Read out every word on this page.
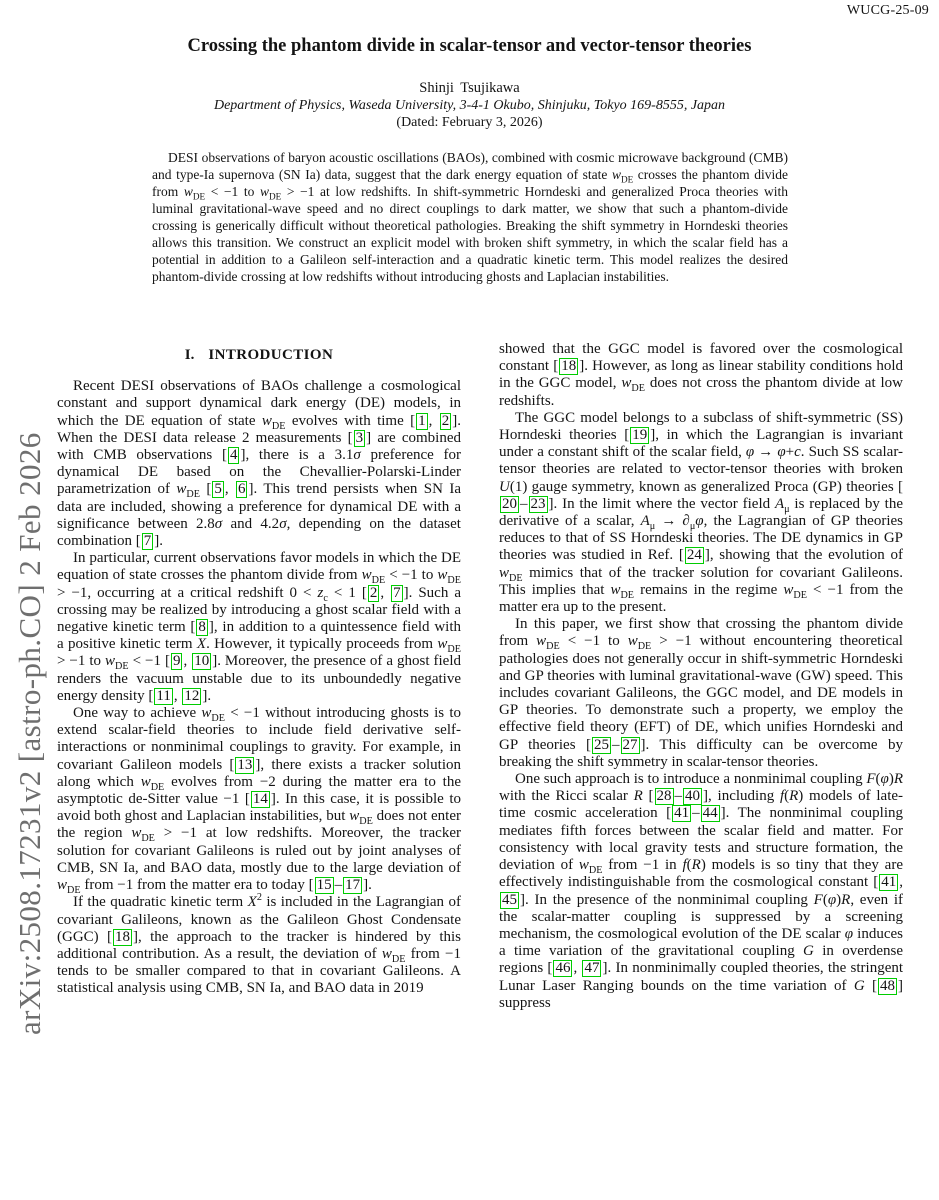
WUCG-25-09
arXiv:2508.17231v2 [astro-ph.CO] 2 Feb 2026
Crossing the phantom divide in scalar-tensor and vector-tensor theories
Shinji Tsujikawa
Department of Physics, Waseda University, 3-4-1 Okubo, Shinjuku, Tokyo 169-8555, Japan
(Dated: February 3, 2026)
DESI observations of baryon acoustic oscillations (BAOs), combined with cosmic microwave background (CMB) and type-Ia supernova (SN Ia) data, suggest that the dark energy equation of state $w_{DE}$ crosses the phantom divide from $w_{DE} < -1$ to $w_{DE} > -1$ at low redshifts. In shift-symmetric Horndeski and generalized Proca theories with luminal gravitational-wave speed and no direct couplings to dark matter, we show that such a phantom-divide crossing is generically difficult without theoretical pathologies. Breaking the shift symmetry in Horndeski theories allows this transition. We construct an explicit model with broken shift symmetry, in which the scalar field has a potential in addition to a Galileon self-interaction and a quadratic kinetic term. This model realizes the desired phantom-divide crossing at low redshifts without introducing ghosts and Laplacian instabilities.
I. INTRODUCTION

Recent DESI observations of BAOs challenge a cosmological constant and support dynamical dark energy (DE) models, in which the DE equation of state $w_{DE}$ evolves with time [ 1 , 2 ]. When the DESI data release 2 measurements [ 3 ] are combined with CMB observations [ 4 ], there is a 3.1σ preference for dynamical DE based on the Chevallier-Polarski-Linder parametrization of $w_{DE}$ [ 5 , 6 ]. This trend persists when SN Ia data are included, showing a preference for dynamical DE with a significance between 2.8σ and 4.2σ, depending on the dataset combination [ 7 ].

In particular, current observations favor models in which the DE equation of state crosses the phantom divide from $w_{DE} < -1$ to $w_{DE} > -1$, occurring at a critical redshift $0 < z_c < 1$ [ 2 , 7 ]. Such a crossing may be realized by introducing a ghost scalar field with a negative kinetic term [ 8 ], in addition to a quintessence field with a positive kinetic term X. However, it typically proceeds from $w_{DE} > -1$ to $w_{DE} < -1$ [ 9 , 10 ]. Moreover, the presence of a ghost field renders the vacuum unstable due to its unboundedly negative energy density [ 11 , 12 ].

One way to achieve $w_{DE} < -1$ without introducing ghosts is to extend scalar-field theories to include field derivative self-interactions or nonminimal couplings to gravity. For example, in covariant Galileon models [ 13 ], there exists a tracker solution along which $w_{DE}$ evolves from −2 during the matter era to the asymptotic de-Sitter value −1 [ 14 ]. In this case, it is possible to avoid both ghost and Laplacian instabilities, but $w_{DE}$ does not enter the region $w_{DE} > -1$ at low redshifts. Moreover, the tracker solution for covariant Galileons is ruled out by joint analyses of CMB, SN Ia, and BAO data, mostly due to the large deviation of $w_{DE}$ from −1 from the matter era to today [ 15 – 17 ].

If the quadratic kinetic term $X^2$ is included in the Lagrangian of covariant Galileons, known as the Galileon Ghost Condensate (GGC) [ 18 ], the approach to the tracker is hindered by this additional contribution. As a result, the deviation of $w_{DE}$ from −1 tends to be smaller compared to that in covariant Galileons. A statistical analysis using CMB, SN Ia, and BAO data in 2019

showed that the GGC model is favored over the cosmological constant [ 18 ]. However, as long as linear stability conditions hold in the GGC model, $w_{DE}$ does not cross the phantom divide at low redshifts.

The GGC model belongs to a subclass of shift-symmetric (SS) Horndeski theories [ 19 ], in which the Lagrangian is invariant under a constant shift of the scalar field, φ → φ+c. Such SS scalar-tensor theories are related to vector-tensor theories with broken U(1) gauge symmetry, known as generalized Proca (GP) theories [20 – 23 ]. In the limit where the vector field $A_\mu$ is replaced by the derivative of a scalar, $A_\mu \to \partial_\mu\varphi$, the Lagrangian of GP theories reduces to that of SS Horndeski theories. The DE dynamics in GP theories was studied in Ref. [ 24 ], showing that the evolution of $w_{DE}$ mimics that of the tracker solution for covariant Galileons. This implies that $w_{DE}$ remains in the regime $w_{DE} < -1$ from the matter era up to the present.

In this paper, we first show that crossing the phantom divide from $w_{DE} < -1$ to $w_{DE} > -1$ without encountering theoretical pathologies does not generally occur in shift-symmetric Horndeski and GP theories with luminal gravitational-wave (GW) speed. This includes covariant Galileons, the GGC model, and DE models in GP theories. To demonstrate such a property, we employ the effective field theory (EFT) of DE, which unifies Horndeski and GP theories [ 25 – 27 ]. This difficulty can be overcome by breaking the shift symmetry in scalar-tensor theories.

One such approach is to introduce a nonminimal coupling F(φ)R with the Ricci scalar R [ 28 – 40 ], including f(R) models of late-time cosmic acceleration [ 41 – 44 ]. The nonminimal coupling mediates fifth forces between the scalar field and matter. For consistency with local gravity tests and structure formation, the deviation of $w_{DE}$ from −1 in f(R) models is so tiny that they are effectively indistinguishable from the cosmological constant [ 41 , 45 ]. In the presence of the nonminimal coupling F(φ)R, even if the scalar-matter coupling is suppressed by a screening mechanism, the cosmological evolution of the DE scalar φ induces a time variation of the gravitational coupling G in overdense regions [ 46 , 47 ]. In nonminimally coupled theories, the stringent Lunar Laser Ranging bounds on the time variation of G [ 48 ] suppress
